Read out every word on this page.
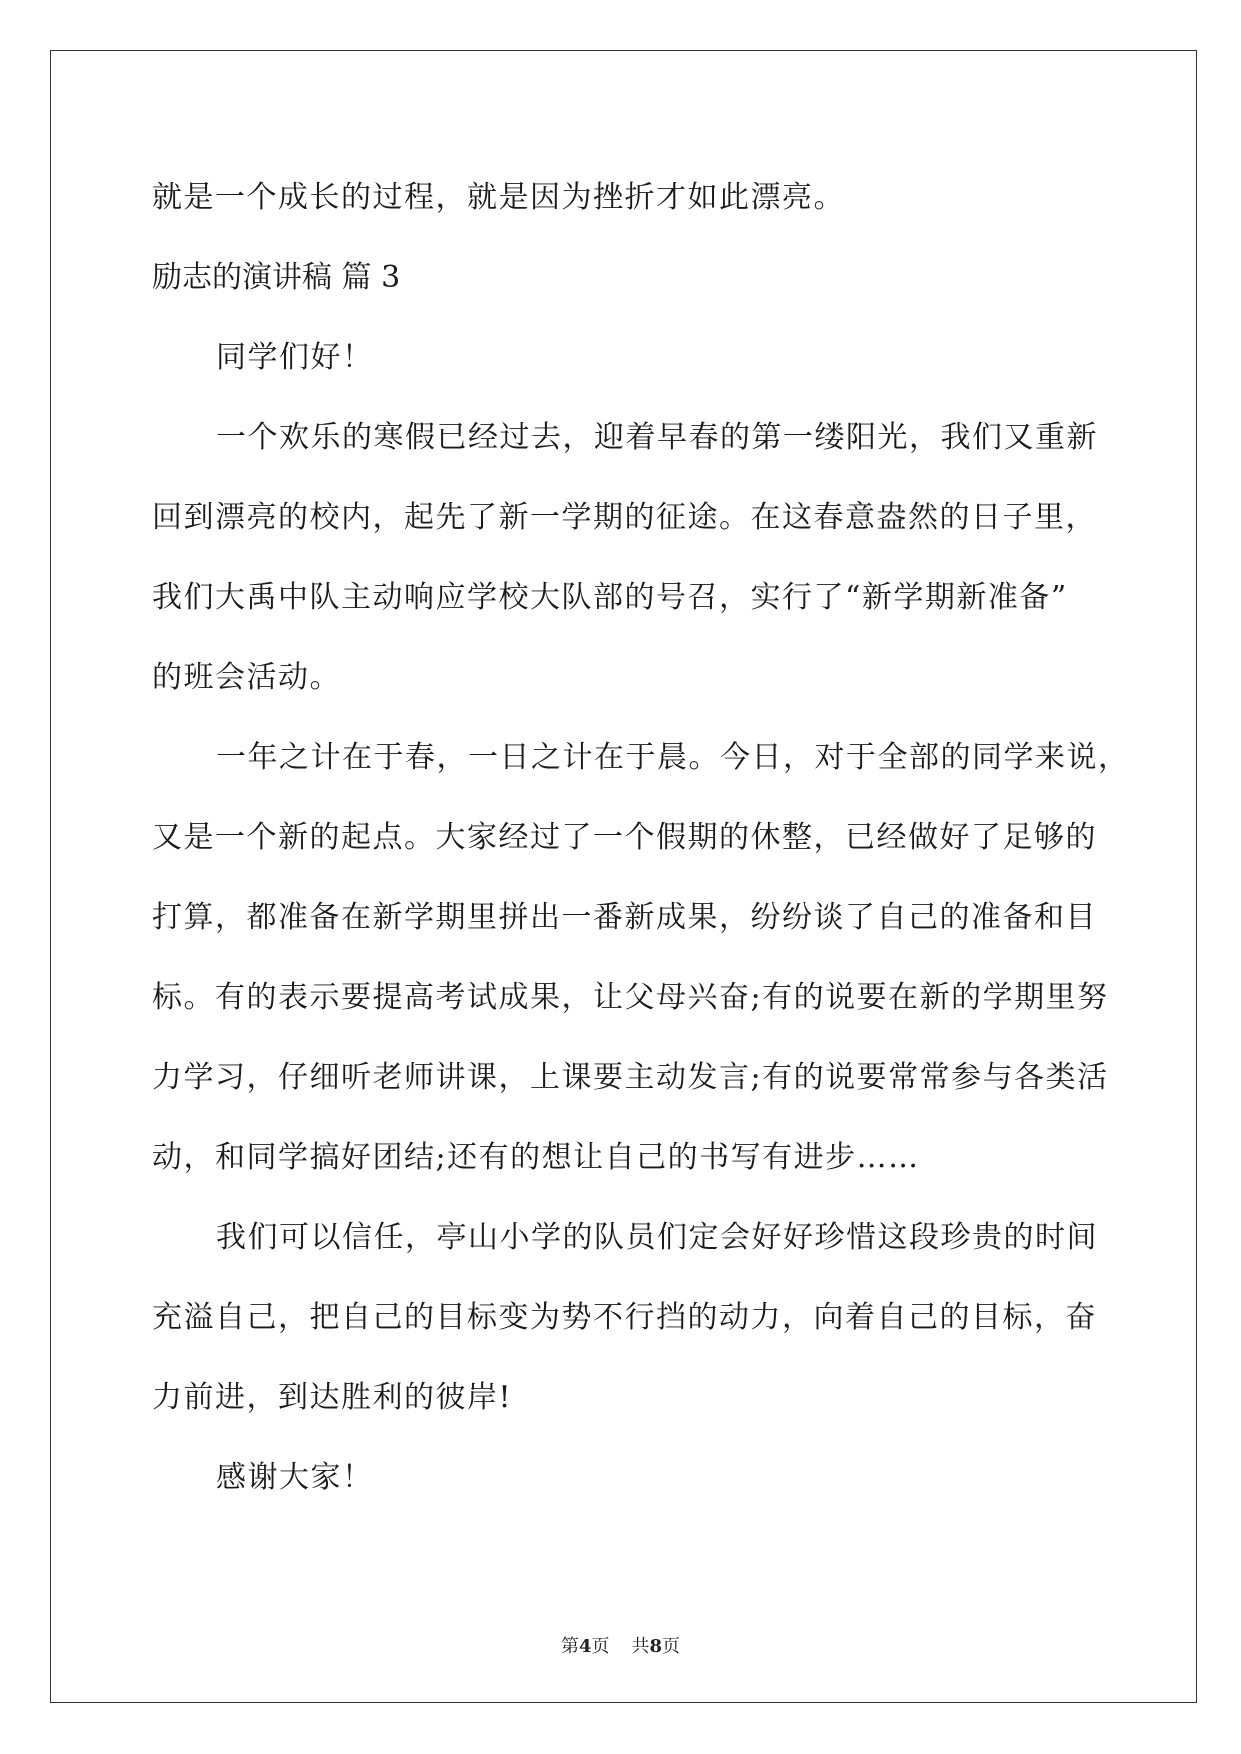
就是一个成长的过程，就是因为挫折才如此漂亮。
励志的演讲稿 篇 3
同学们好！
一个欢乐的寒假已经过去，迎着早春的第一缕阳光，我们又重新
回到漂亮的校内，起先了新一学期的征途。在这春意盎然的日子里，
我们大禹中队主动响应学校大队部的号召，实行了“新学期新准备”
的班会活动。
一年之计在于春，一日之计在于晨。今日，对于全部的同学来说，
又是一个新的起点。大家经过了一个假期的休整，已经做好了足够的
打算，都准备在新学期里拼出一番新成果，纷纷谈了自己的准备和目
标。有的表示要提高考试成果，让父母兴奋;有的说要在新的学期里努
力学习，仔细听老师讲课，上课要主动发言;有的说要常常参与各类活
动，和同学搞好团结;还有的想让自己的书写有进步……
我们可以信任，亭山小学的队员们定会好好珍惜这段珍贵的时间
充溢自己，把自己的目标变为势不行挡的动力，向着自己的目标，奋
力前进，到达胜利的彼岸!
感谢大家！
第4页 共8页
